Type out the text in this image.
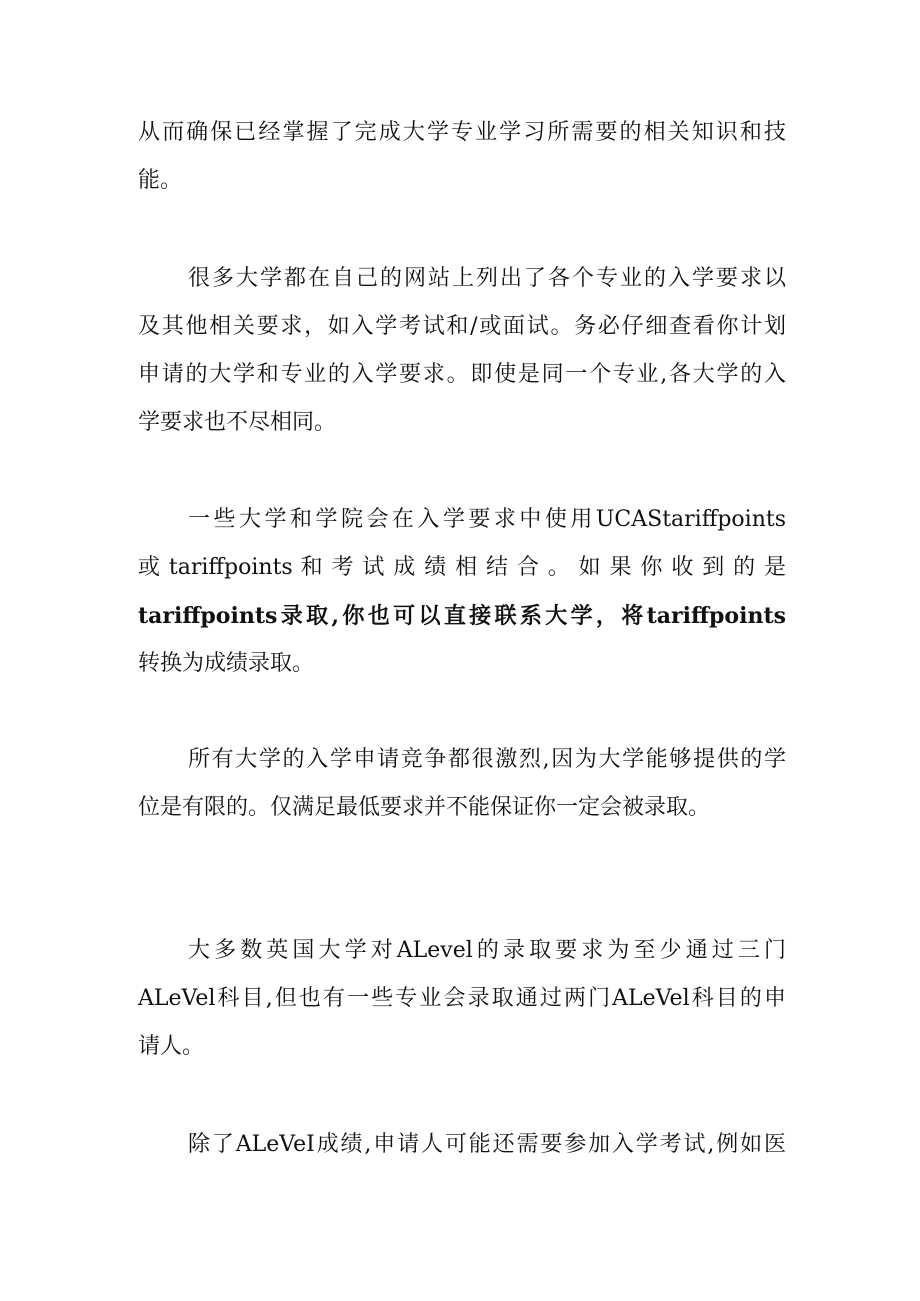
从而确保已经掌握了完成大学专业学习所需要的相关知识和技
能。
很多大学都在自己的网站上列出了各个专业的入学要求以
及其他相关要求，如入学考试和/或面试。务必仔细查看你计划
申请的大学和专业的入学要求。即使是同一个专业,各大学的入
学要求也不尽相同。
一些大学和学院会在入学要求中使用UCAStariffpoints
或 tariffpoints 和 考 试 成 绩 相 结 合 。 如 果 你 收 到 的 是
tariffpoints录取,你也可以直接联系大学，将tariffpoints
转换为成绩录取。
所有大学的入学申请竞争都很激烈,因为大学能够提供的学
位是有限的。仅满足最低要求并不能保证你一定会被录取。
大多数英国大学对ALevel的录取要求为至少通过三门
ALeVel科目,但也有一些专业会录取通过两门ALeVel科目的申
请人。
除了ALeVeI成绩,申请人可能还需要参加入学考试,例如医
